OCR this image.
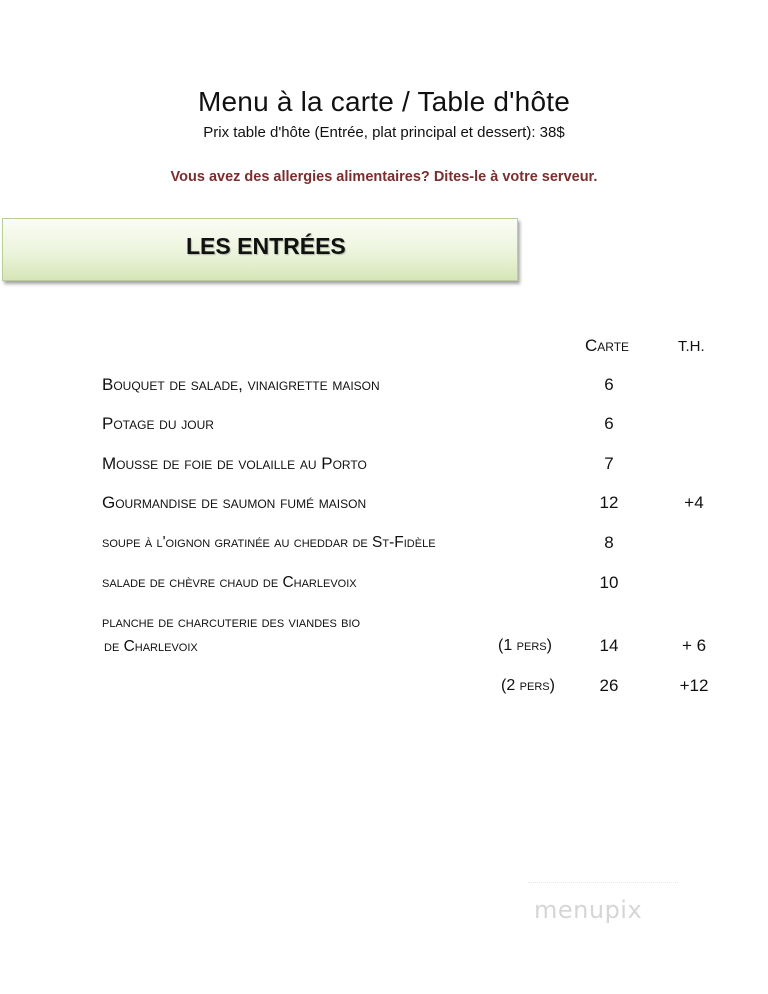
Menu à la carte / Table d'hôte
Prix table d'hôte (Entrée, plat principal et dessert): 38$
Vous avez des allergies alimentaires? Dites-le à votre serveur.
LES ENTRÉES
Carte	T.H.
Bouquet de salade, vinaigrette maison	6
Potage du jour	6
Mousse de foie de volaille au Porto	7
Gourmandise de saumon fumé maison	12	+4
soupe à l'oignon gratinée au cheddar de St-Fidèle	8
salade de chèvre chaud de Charlevoix	10
planche de charcuterie des viandes bio
de Charlevoix	(1 pers)	14	+ 6
(2 pers)	26	+12
menupix
